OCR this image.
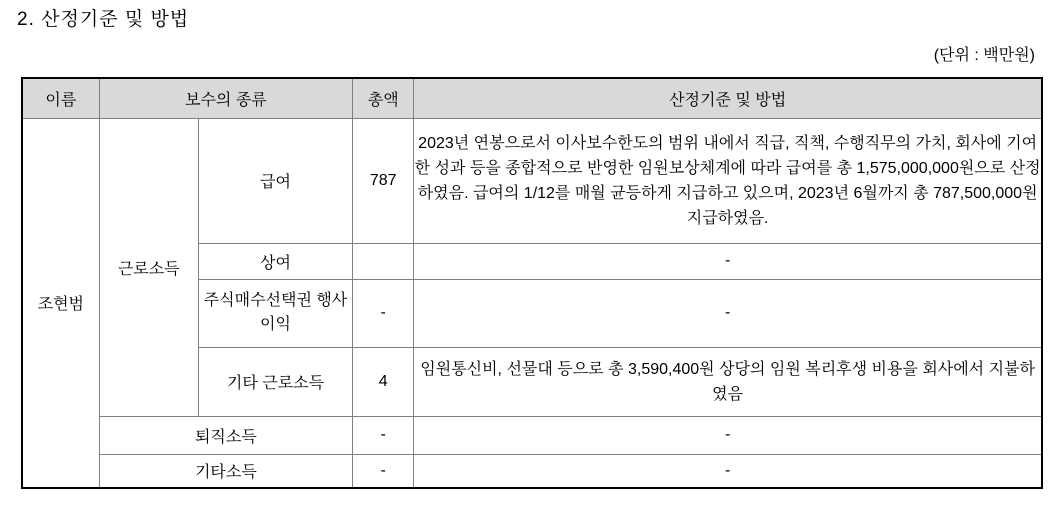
2. 산정기준 및 방법
(단위 : 백만원)
이름	보수의 종류		총액	산정기준 및 방법
조현범	근로소득	급여	787	2023년 연봉으로서 이사보수한도의 범위 내에서 직급, 직책, 수행직무의 가치, 회사에 기여한 성과 등을 종합적으로 반영한 임원보상체계에 따라 급여를 총 1,575,000,000원으로 산정하였음. 급여의 1/12를 매월 균등하게 지급하고 있으며, 2023년 6월까지 총 787,500,000원 지급하였음.
		상여		-
		주식매수선택권 행사이익	-	-
		기타 근로소득	4	임원통신비, 선물대 등으로 총 3,590,400원 상당의 임원 복리후생 비용을 회사에서 지불하였음
	퇴직소득		-	-
	기타소득		-	-
